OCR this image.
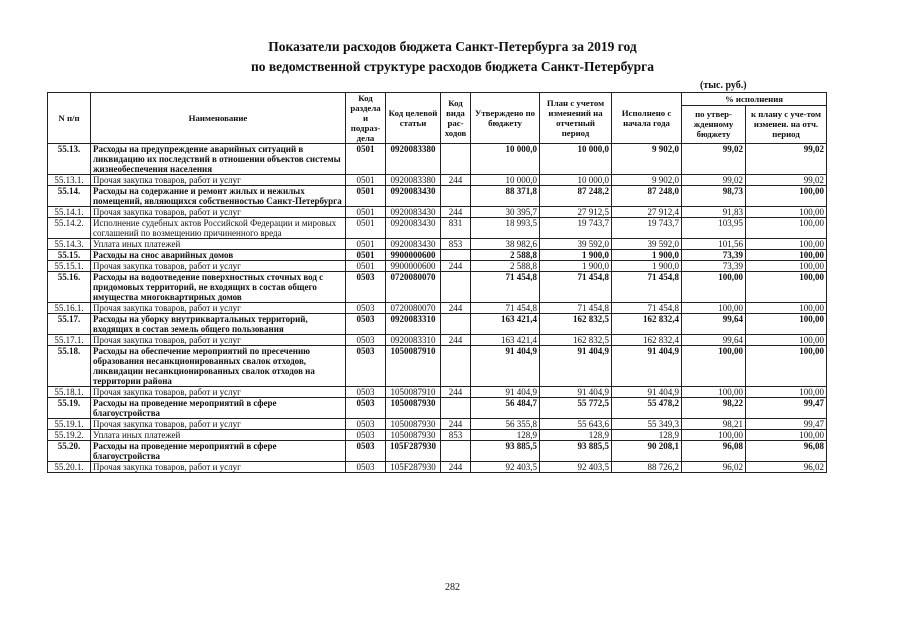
Показатели расходов бюджета Санкт-Петербурга за 2019 год
по ведомственной структуре расходов бюджета Санкт-Петербурга
(тыс. руб.)
N п/п	Наименование	Код раздела и подраз-дела	Код целевой статьи	Код вида рас-ходов	Утверждено по бюджету	План с учетом изменений на отчетный период	Исполнено с начала года	% исполнения	
								по утвер-жденному бюджету	к плану с уче-том изменен. на отч. период
55.13.	Расходы на предупреждение аварийных ситуаций в ликвидацию их последствий в отношении объектов системы жизнеобеспечения населения	0501	0920083380		10 000,0	10 000,0	9 902,0	99,02	99,02
55.13.1.	Прочая закупка товаров, работ и услуг	0501	0920083380	244	10 000,0	10 000,0	9 902,0	99,02	99,02
55.14.	Расходы на содержание и ремонт жилых и нежилых помещений, являющихся собственностью Санкт-Петербурга	0501	0920083430		88 371,8	87 248,2	87 248,0	98,73	100,00
55.14.1.	Прочая закупка товаров, работ и услуг	0501	0920083430	244	30 395,7	27 912,5	27 912,4	91,83	100,00
55.14.2.	Исполнение судебных актов Российской Федерации и мировых соглашений по возмещению причиненного вреда	0501	0920083430	831	18 993,5	19 743,7	19 743,7	103,95	100,00
55.14.3.	Уплата иных платежей	0501	0920083430	853	38 982,6	39 592,0	39 592,0	101,56	100,00
55.15.	Расходы на снос аварийных домов	0501	9900000600		2 588,8	1 900,0	1 900,0	73,39	100,00
55.15.1.	Прочая закупка товаров, работ и услуг	0501	9900000600	244	2 588,8	1 900,0	1 900,0	73,39	100,00
55.16.	Расходы на водоотведение поверхностных сточных вод с придомовых территорий, не входящих в состав общего имущества многоквартирных домов	0503	0720080070		71 454,8	71 454,8	71 454,8	100,00	100,00
55.16.1.	Прочая закупка товаров, работ и услуг	0503	0720080070	244	71 454,8	71 454,8	71 454,8	100,00	100,00
55.17.	Расходы на уборку внутриквартальных территорий, входящих в состав земель общего пользования	0503	0920083310		163 421,4	162 832,5	162 832,4	99,64	100,00
55.17.1.	Прочая закупка товаров, работ и услуг	0503	0920083310	244	163 421,4	162 832,5	162 832,4	99,64	100,00
55.18.	Расходы на обеспечение мероприятий по пресечению образования несанкционированных свалок отходов, ликвидации несанкционированных свалок отходов на территории района	0503	1050087910		91 404,9	91 404,9	91 404,9	100,00	100,00
55.18.1.	Прочая закупка товаров, работ и услуг	0503	1050087910	244	91 404,9	91 404,9	91 404,9	100,00	100,00
55.19.	Расходы на проведение мероприятий в сфере благоустройства	0503	1050087930		56 484,7	55 772,5	55 478,2	98,22	99,47
55.19.1.	Прочая закупка товаров, работ и услуг	0503	1050087930	244	56 355,8	55 643,6	55 349,3	98,21	99,47
55.19.2.	Уплата иных платежей	0503	1050087930	853	128,9	128,9	128,9	100,00	100,00
55.20.	Расходы на проведение мероприятий в сфере благоустройства	0503	105F287930		93 885,5	93 885,5	90 208,1	96,08	96,08
55.20.1.	Прочая закупка товаров, работ и услуг	0503	105F287930	244	92 403,5	92 403,5	88 726,2	96,02	96,02
282
